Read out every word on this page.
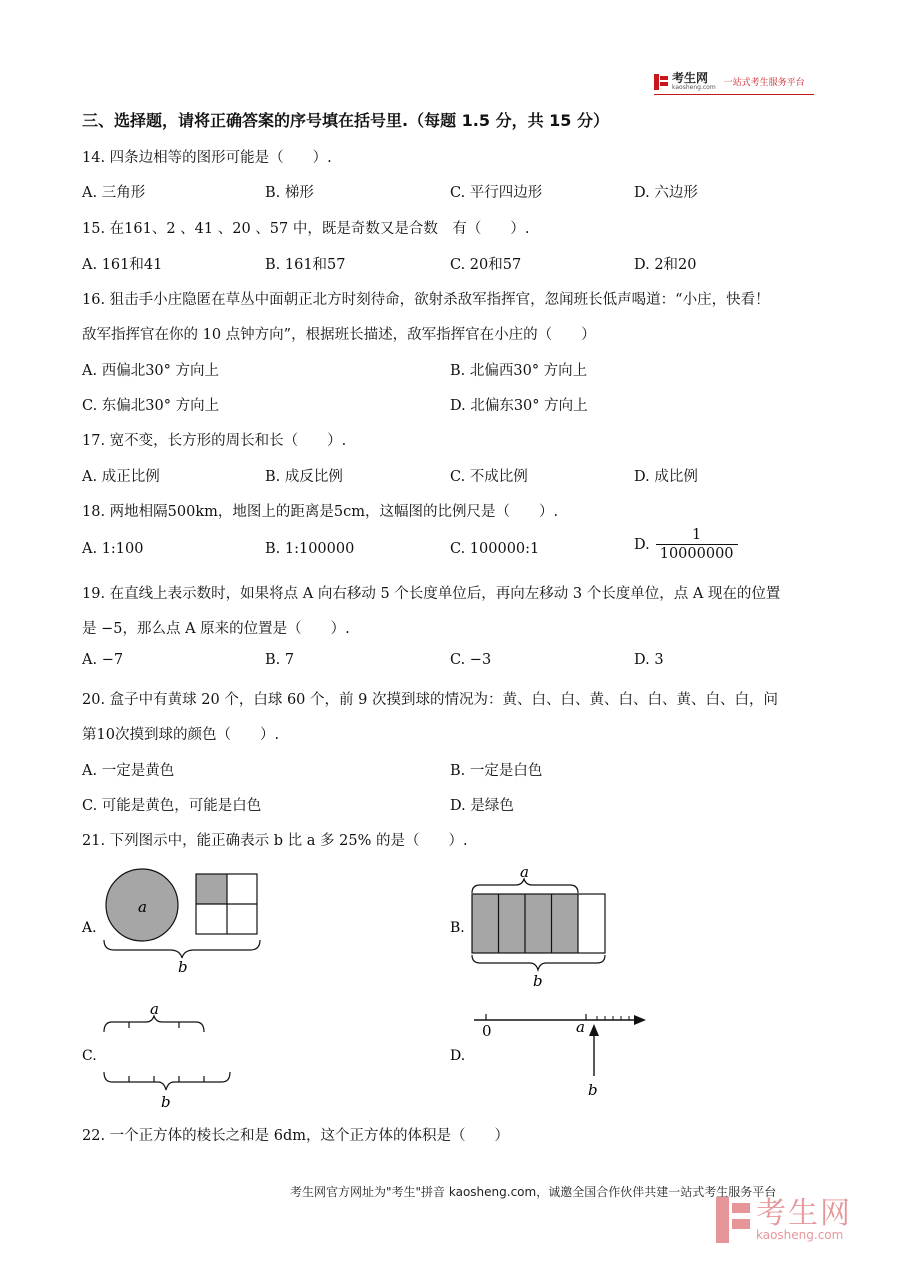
考生网
kaosheng.com 一站式考生服务平台
三、选择题，请将正确答案的序号填在括号里.（每题 1.5 分，共 15 分）
14. 四条边相等的图形可能是（　　）.
A. 三角形	B. 梯形	C. 平行四边形	D. 六边形
15. 在161、2 、41 、20 、57 中，既是奇数又是合数　有（　　）.
A. 161和41	B. 161和57	C. 20和57	D. 2和20
16. 狙击手小庄隐匿在草丛中面朝正北方时刻待命，欲射杀敌军指挥官，忽闻班长低声喝道：“小庄，快看！
敌军指挥官在你的 10 点钟方向”，根据班长描述，敌军指挥官在小庄的（　　）
A. 西偏北30° 方向上	B. 北偏西30° 方向上
C. 东偏北30° 方向上	D. 北偏东30° 方向上
17. 宽不变，长方形的周长和长（　　）.
A. 成正比例	B. 成反比例	C. 不成比例	D. 成比例
18. 两地相隔500km，地图上的距离是5cm，这幅图的比例尺是（　　）.
A. 1:100	B. 1:100000	C. 100000:1	D. $\frac{1}{10000000}$
19. 在直线上表示数时，如果将点 A 向右移动 5 个长度单位后，再向左移动 3 个长度单位，点 A 现在的位置
是 −5，那么点 A 原来的位置是（　　）.
A. −7	B. 7	C. −3	D. 3
20. 盒子中有黄球 20 个，白球 60 个，前 9 次摸到球的情况为：黄、白、白、黄、白、白、黄、白、白，问
第10次摸到球的颜色（　　）.
A. 一定是黄色	B. 一定是白色
C. 可能是黄色，可能是白色	D. 是绿色
21. 下列图示中，能正确表示 b 比 a 多 25% 的是（　　）.
A.
a
b
B.
a
b
C.
a
b
D.
0	a
b
22. 一个正方体的棱长之和是 6dm，这个正方体的体积是（　　）
考生网官方网址为"考生"拼音 kaosheng.com，诚邀全国合作伙伴共建一站式考生服务平台
考生网
kaosheng.com
